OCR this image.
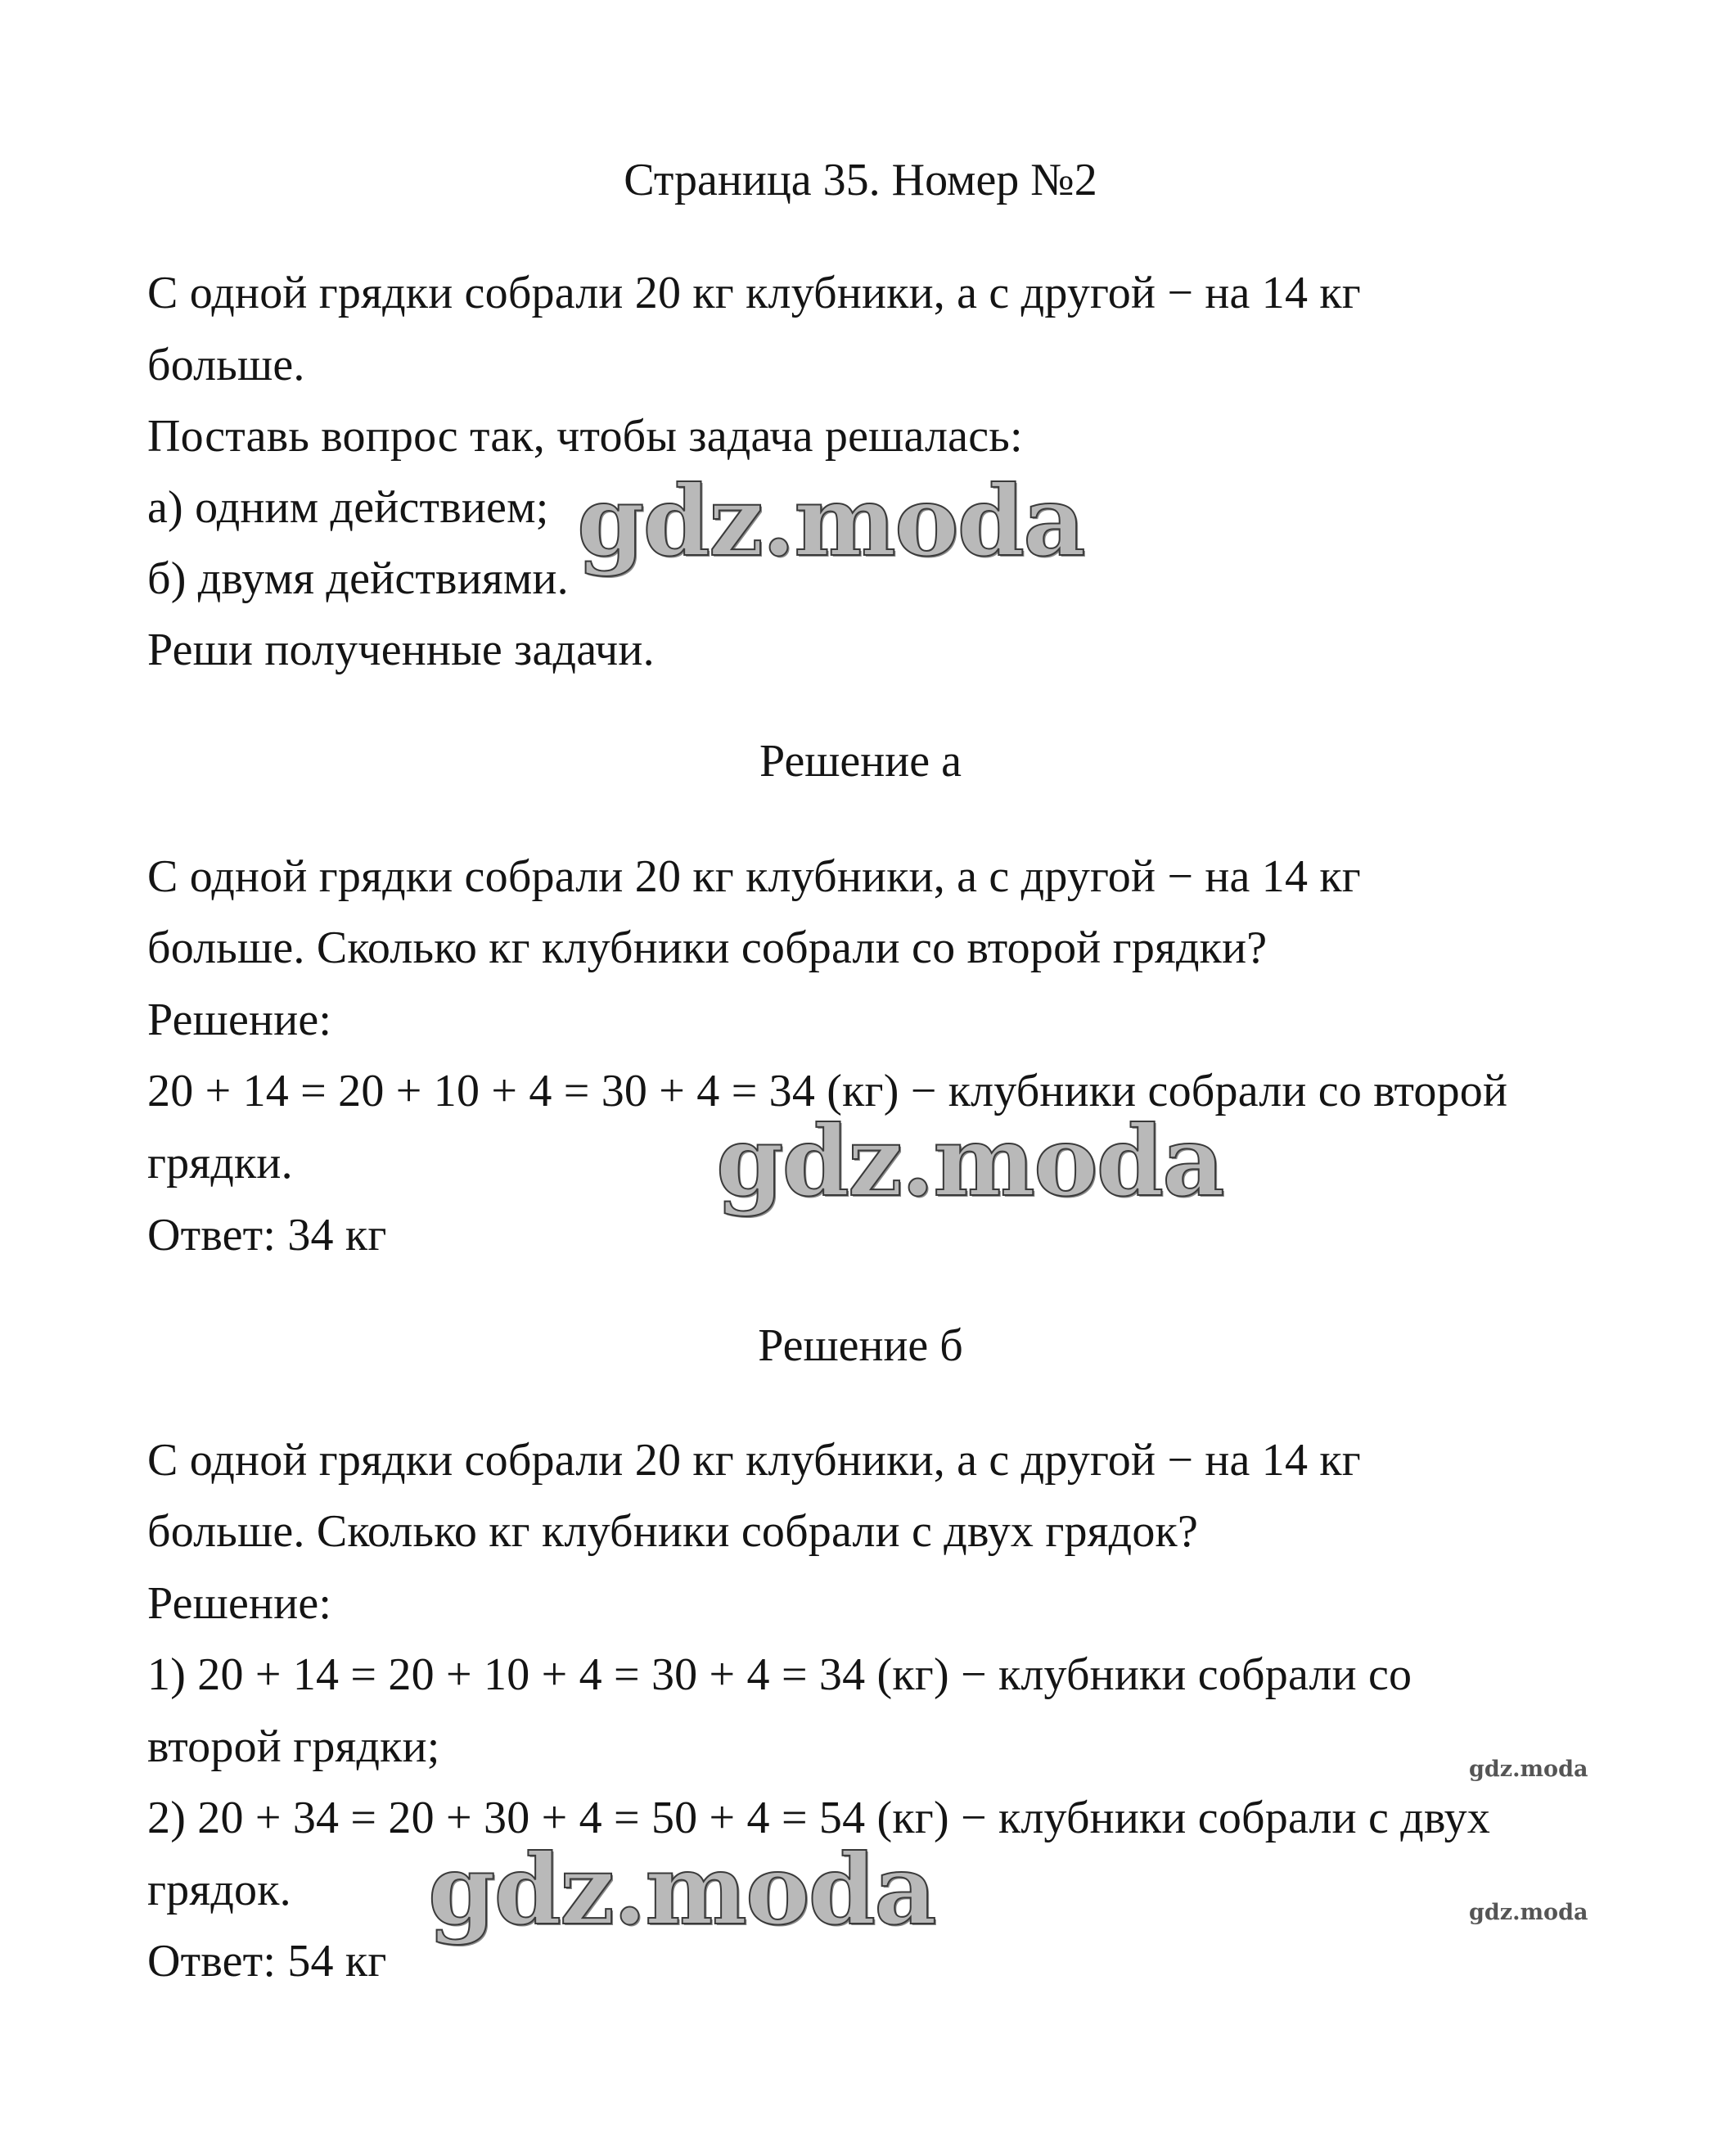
Страница 35. Номер №2
С одной грядки собрали 20 кг клубники, а с другой − на 14 кг
больше.
Поставь вопрос так, чтобы задача решалась:
а) одним действием;
б) двумя действиями.
Реши полученные задачи.
Решение а
С одной грядки собрали 20 кг клубники, а с другой − на 14 кг
больше. Сколько кг клубники собрали со второй грядки?
Решение:
20 + 14 = 20 + 10 + 4 = 30 + 4 = 34 (кг) − клубники собрали со второй
грядки.
Ответ: 34 кг
Решение б
С одной грядки собрали 20 кг клубники, а с другой − на 14 кг
больше. Сколько кг клубники собрали с двух грядок?
Решение:
1) 20 + 14 = 20 + 10 + 4 = 30 + 4 = 34 (кг) − клубники собрали со
второй грядки;
2) 20 + 34 = 20 + 30 + 4 = 50 + 4 = 54 (кг) − клубники собрали с двух
грядок.
Ответ: 54 кг
gdz.moda
gdz.moda
gdz.moda
gdz.moda
gdz.moda
